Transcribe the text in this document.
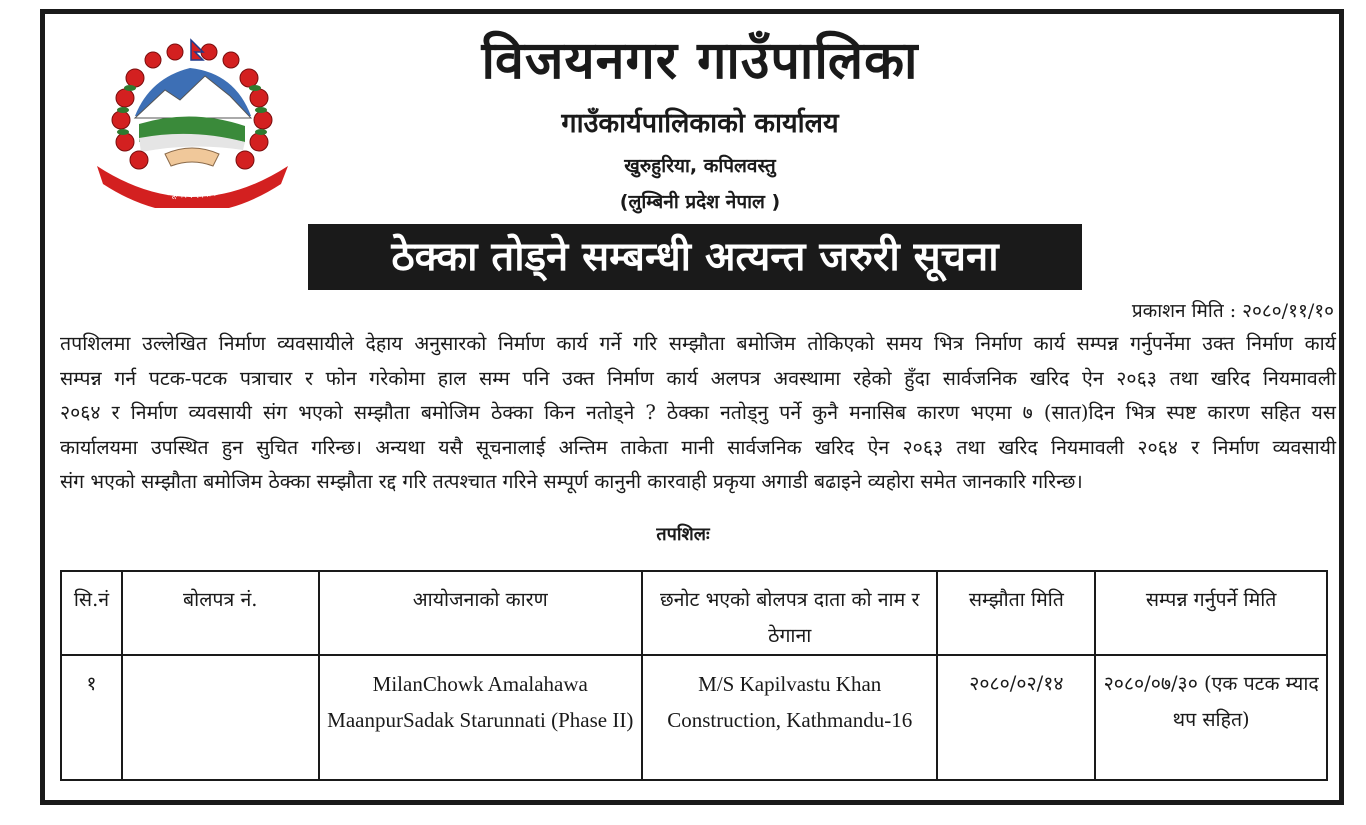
जननी जन्मभूमिश्च स्वर्गादपि गरीयसी
विजयनगर गाउँपालिका
गाउँकार्यपालिकाको कार्यालय
खुरुहुरिया, कपिलवस्तु
(लुम्बिनी प्रदेश नेपाल )
ठेक्का तोड्ने सम्बन्धी अत्यन्त जरुरी सूचना
प्रकाशन मिति : २०८०/११/१०
तपशिलमा उल्लेखित निर्माण व्यवसायीले देहाय अनुसारको निर्माण कार्य गर्ने गरि सम्झौता बमोजिम तोकिएको समय भित्र निर्माण कार्य सम्पन्न गर्नुपर्नेमा उक्त निर्माण कार्य
सम्पन्न गर्न पटक-पटक पत्राचार र फोन गरेकोमा हाल सम्म पनि उक्त निर्माण कार्य अलपत्र अवस्थामा रहेको हुँदा सार्वजनिक खरिद ऐन २०६३ तथा खरिद नियमावली
२०६४ र निर्माण व्यवसायी संग भएको सम्झौता बमोजिम ठेक्का किन नतोड्ने ? ठेक्का नतोड्नु पर्ने कुनै मनासिब कारण भएमा ७ (सात)दिन भित्र स्पष्ट कारण सहित यस
कार्यालयमा उपस्थित हुन सुचित गरिन्छ। अन्यथा यसै सूचनालाई अन्तिम ताकेता मानी सार्वजनिक खरिद ऐन २०६३ तथा खरिद नियमावली २०६४ र निर्माण व्यवसायी
संग भएको सम्झौता बमोजिम ठेक्का सम्झौता रद्द गरि तत्पश्चात गरिने सम्पूर्ण कानुनी कारवाही प्रकृया अगाडी बढाइने व्यहोरा समेत जानकारि गरिन्छ।
तपशिलः
सि.नं	बोलपत्र नं.	आयोजनाको कारण	छनोट भएको बोलपत्र दाता को नाम र ठेगाना	सम्झौता मिति	सम्पन्न गर्नुपर्ने मिति
१		MilanChowk Amalahawa MaanpurSadak Starunnati (Phase II)	M/S Kapilvastu Khan Construction, Kathmandu-16	२०८०/०२/१४	२०८०/०७/३० (एक पटक म्याद थप सहित)
